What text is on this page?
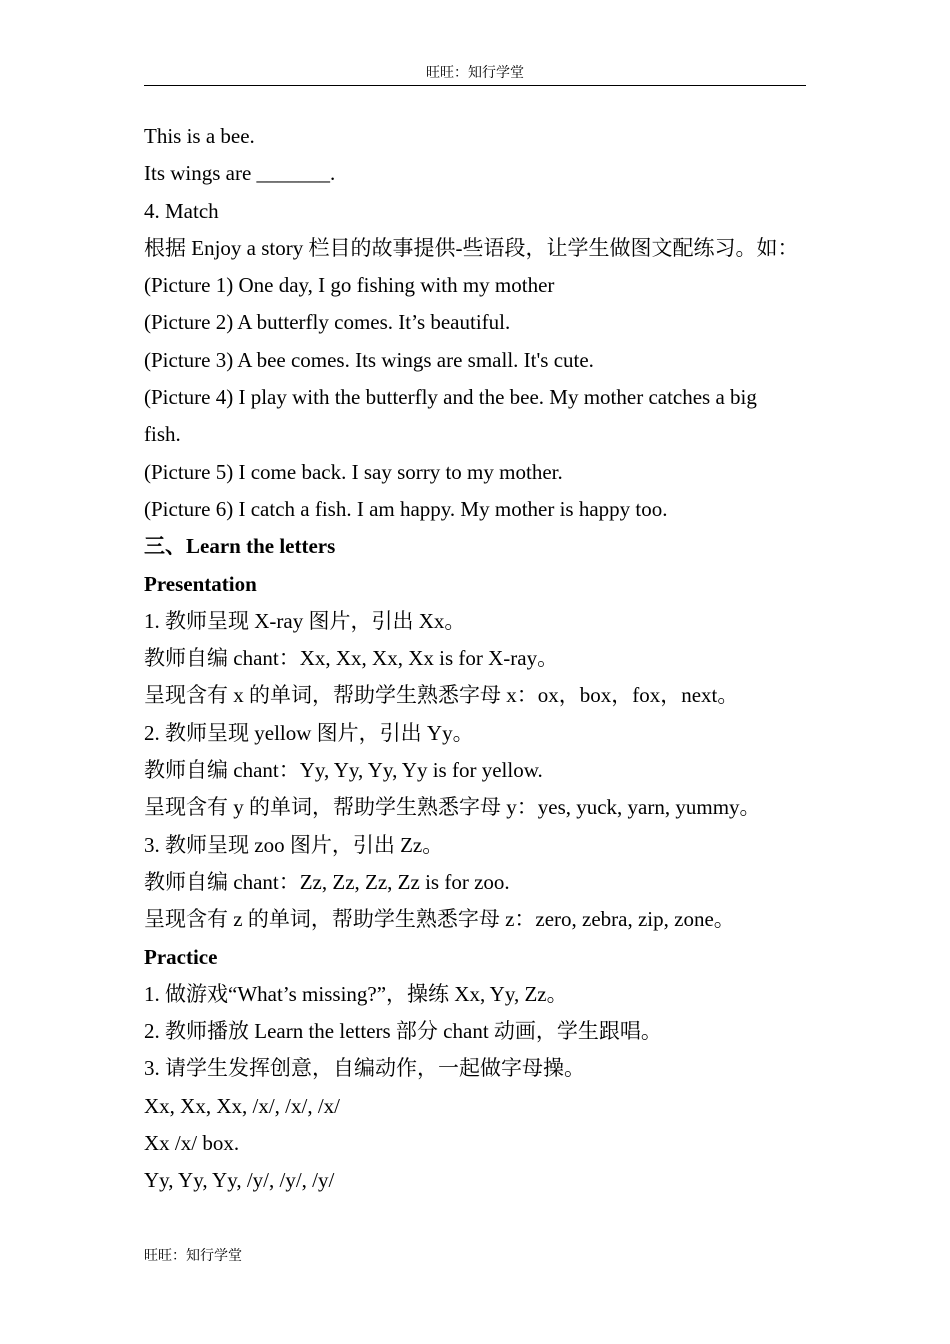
旺旺：知行学堂
This is a bee.
Its wings are _______.
4. Match
根据 Enjoy a story 栏目的故事提供-些语段，让学生做图文配练习。如：
(Picture 1) One day, I go fishing with my mother
(Picture 2) A butterfly comes. It’s beautiful.
(Picture 3) A bee comes. Its wings are small. It's cute.
(Picture 4) I play with the butterfly and the bee. My mother catches a big
fish.
(Picture 5) I come back. I say sorry to my mother.
(Picture 6) I catch a fish. I am happy. My mother is happy too.
三、Learn the letters
Presentation
1. 教师呈现 X-ray 图片，引出 Xx。
教师自编 chant：Xx, Xx, Xx, Xx is for X-ray。
呈现含有 x 的单词，帮助学生熟悉字母 x：ox，box，fox，next。
2. 教师呈现 yellow 图片，引出 Yy。
教师自编 chant：Yy, Yy, Yy, Yy is for yellow.
呈现含有 y 的单词，帮助学生熟悉字母 y：yes, yuck, yarn, yummy。
3. 教师呈现 zoo 图片，引出 Zz。
教师自编 chant：Zz, Zz, Zz, Zz is for zoo.
呈现含有 z 的单词，帮助学生熟悉字母 z：zero, zebra, zip, zone。
Practice
1. 做游戏“What’s missing?”，操练 Xx, Yy, Zz。
2. 教师播放 Learn the letters 部分 chant 动画，学生跟唱。
3. 请学生发挥创意，自编动作，一起做字母操。
Xx, Xx, Xx, /x/, /x/, /x/
Xx /x/ box.
Yy, Yy, Yy, /y/, /y/, /y/
旺旺：知行学堂
